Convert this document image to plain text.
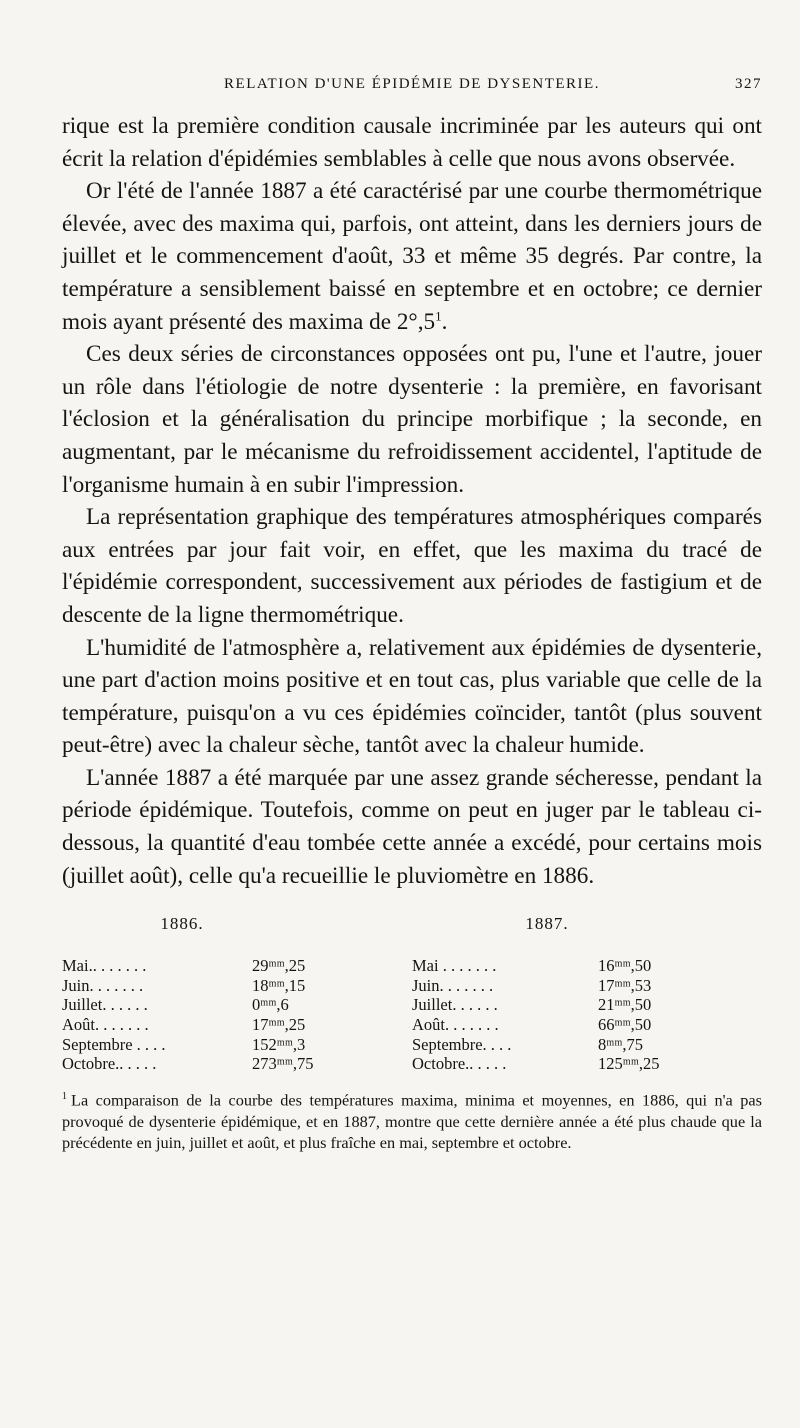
RELATION D'UNE ÉPIDÉMIE DE DYSENTERIE.	327

rique est la première condition causale incriminée par les auteurs qui ont écrit la relation d'épidémies semblables à celle que nous avons observée.

Or l'été de l'année 1887 a été caractérisé par une courbe thermométrique élevée, avec des maxima qui, parfois, ont atteint, dans les derniers jours de juillet et le commencement d'août, 33 et même 35 degrés. Par contre, la température a sensiblement baissé en septembre et en octobre; ce dernier mois ayant présenté des maxima de 2°,5$^1$.

Ces deux séries de circonstances opposées ont pu, l'une et l'autre, jouer un rôle dans l'étiologie de notre dysenterie : la première, en favorisant l'éclosion et la généralisation du principe morbifique ; la seconde, en augmentant, par le mécanisme du refroidissement accidentel, l'aptitude de l'organisme humain à en subir l'impression.

La représentation graphique des températures atmosphériques comparés aux entrées par jour fait voir, en effet, que les maxima du tracé de l'épidémie correspondent, successivement aux périodes de fastigium et de descente de la ligne thermométrique.

L'humidité de l'atmosphère a, relativement aux épidémies de dysenterie, une part d'action moins positive et en tout cas, plus variable que celle de la température, puisqu'on a vu ces épidémies coïncider, tantôt (plus souvent peut-être) avec la chaleur sèche, tantôt avec la chaleur humide.

L'année 1887 a été marquée par une assez grande sécheresse, pendant la période épidémique. Toutefois, comme on peut en juger par le tableau ci-dessous, la quantité d'eau tombée cette année a excédé, pour certains mois (juillet août), celle qu'a recueillie le pluviomètre en 1886.

1886.
Mai.. . . . . . .	29ᵐᵐ,25
Juin. . . . . . .	18ᵐᵐ,15
Juillet. . . . . .	0ᵐᵐ,6
Août. . . . . . .	17ᵐᵐ,25
Septembre . . . .	152ᵐᵐ,3
Octobre.. . . . .	273ᵐᵐ,75
1887.
Mai . . . . . . .	16ᵐᵐ,50
Juin. . . . . . .	17ᵐᵐ,53
Juillet. . . . . .	21ᵐᵐ,50
Août. . . . . . .	66ᵐᵐ,50
Septembre. . . .	8ᵐᵐ,75
Octobre.. . . . .	125ᵐᵐ,25
$^1$ La comparaison de la courbe des températures maxima, minima et moyennes, en 1886, qui n'a pas provoqué de dysenterie épidémique, et en 1887, montre que cette dernière année a été plus chaude que la précédente en juin, juillet et août, et plus fraîche en mai, septembre et octobre.
